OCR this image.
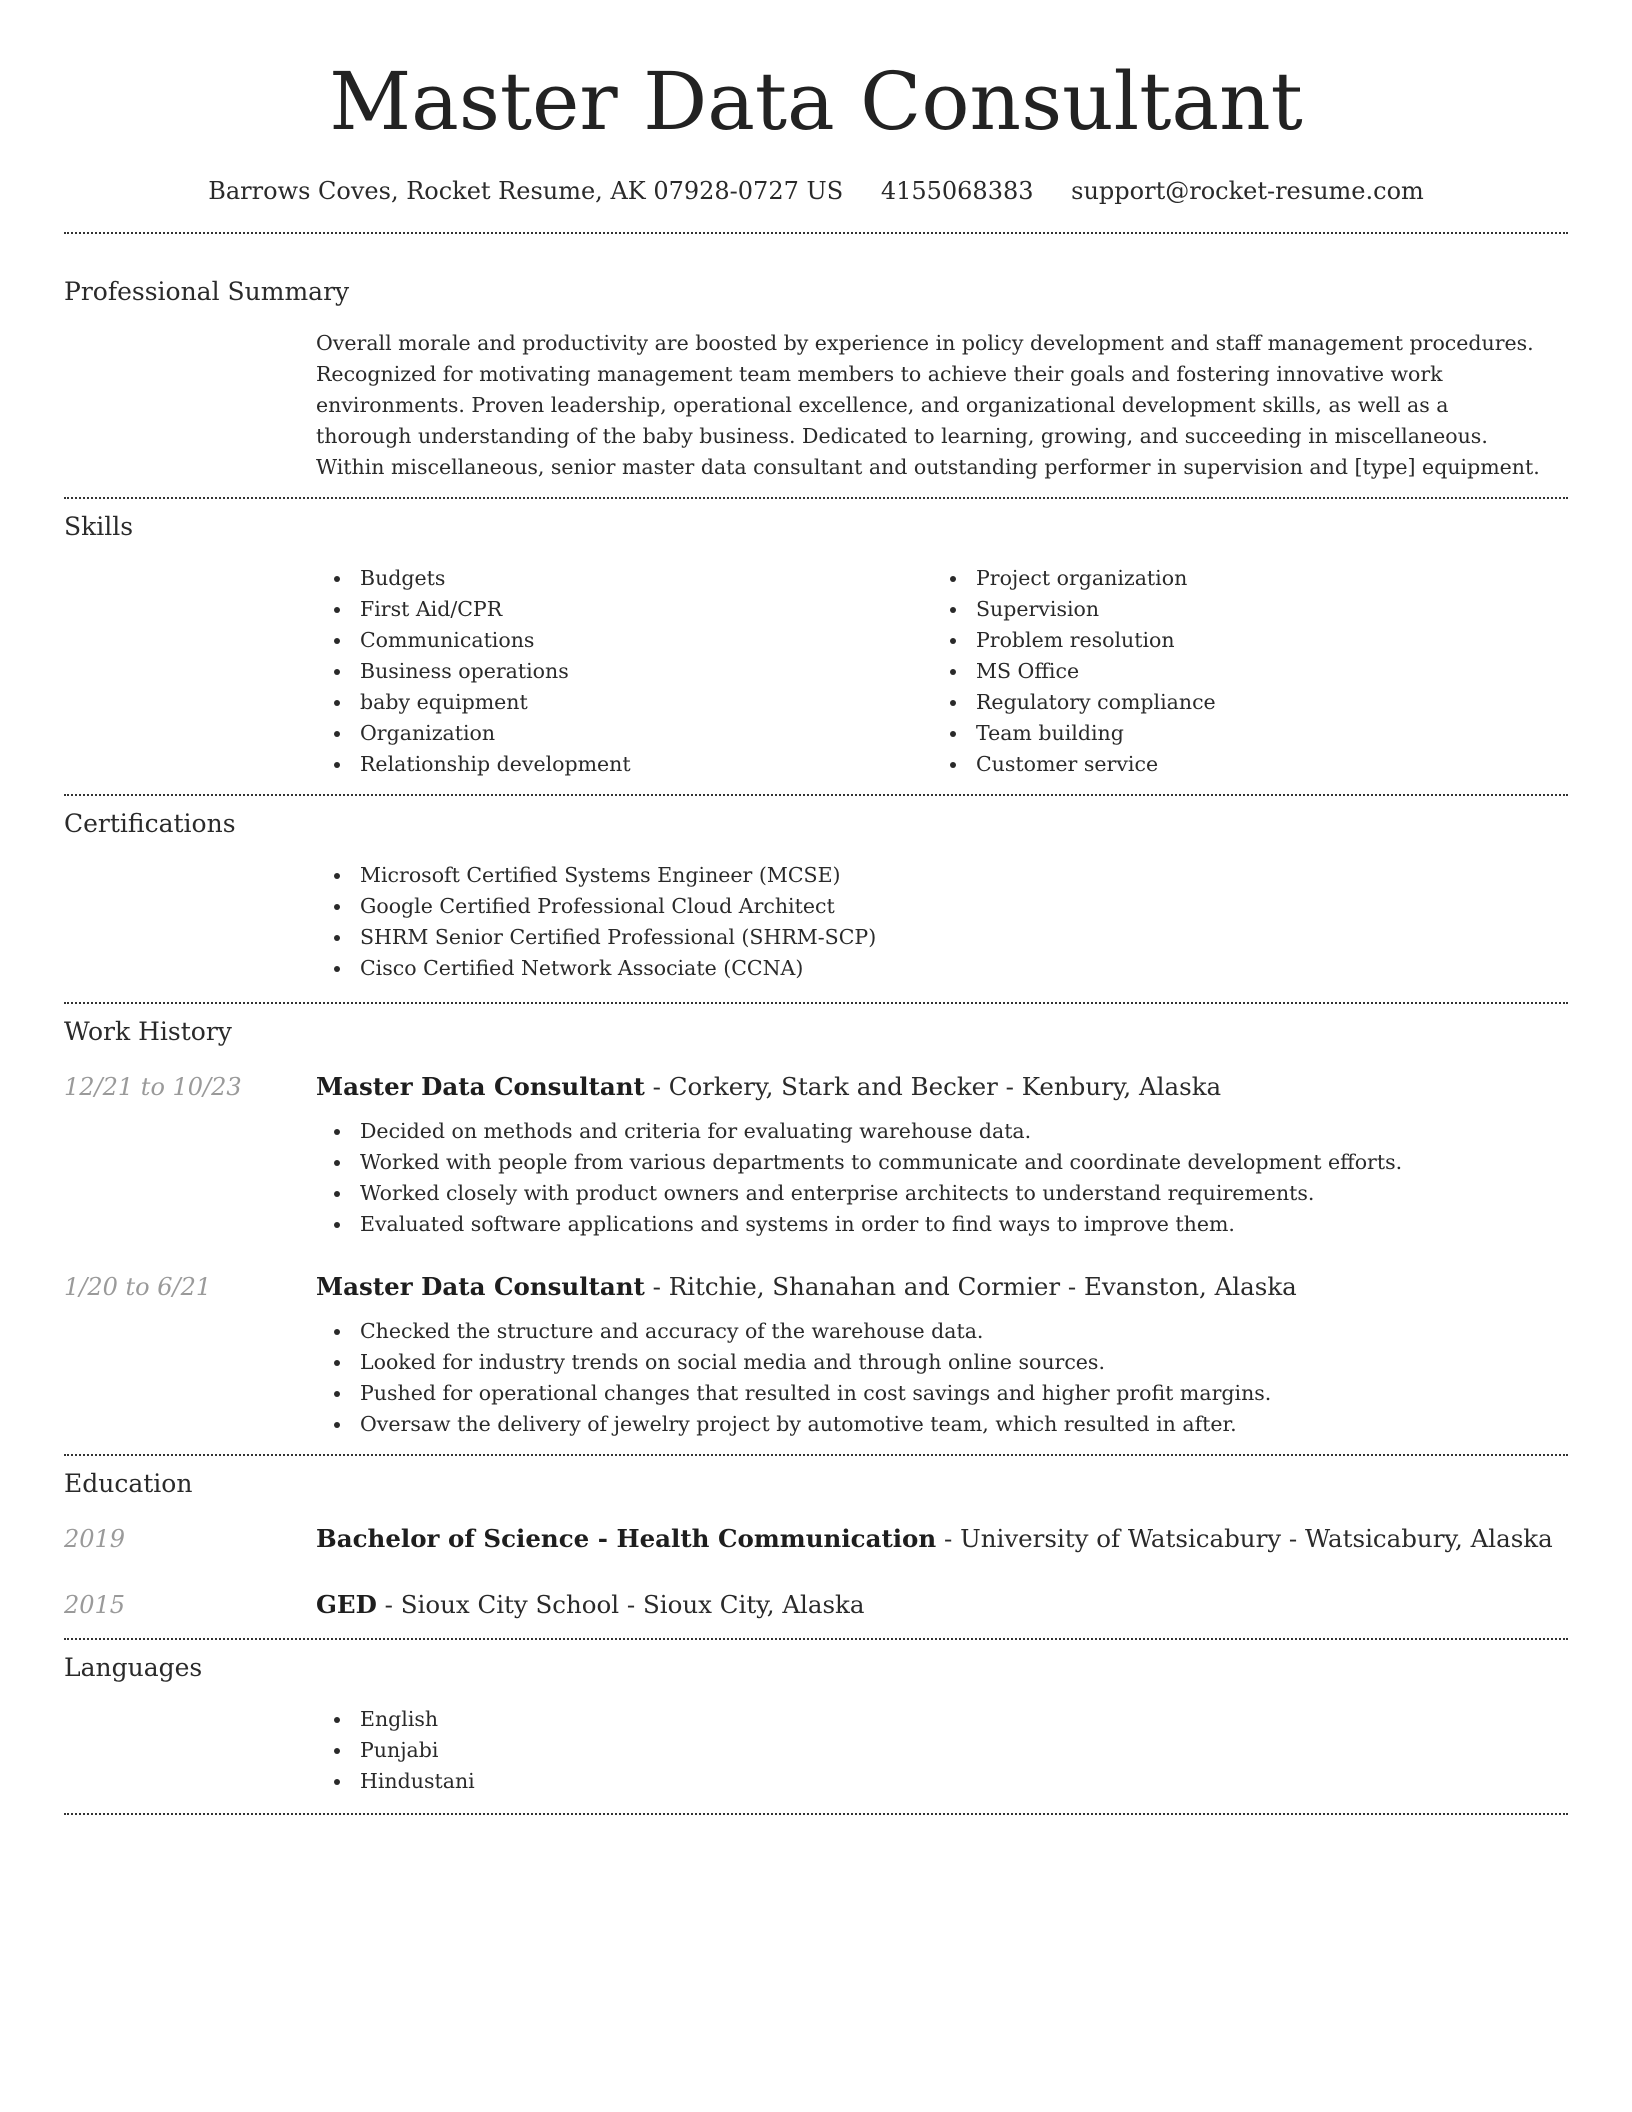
Master Data Consultant
Barrows Coves, Rocket Resume, AK 07928-0727 US 4155068383 support@rocket-resume.com
Professional Summary
Overall morale and productivity are boosted by experience in policy development and staff management procedures. Recognized for motivating management team members to achieve their goals and fostering innovative work environments. Proven leadership, operational excellence, and organizational development skills, as well as a thorough understanding of the baby business. Dedicated to learning, growing, and succeeding in miscellaneous. Within miscellaneous, senior master data consultant and outstanding performer in supervision and [type] equipment.
Skills
Budgets
First Aid/CPR
Communications
Business operations
baby equipment
Organization
Relationship development
Project organization
Supervision
Problem resolution
MS Office
Regulatory compliance
Team building
Customer service
Certifications
Microsoft Certified Systems Engineer (MCSE)
Google Certified Professional Cloud Architect
SHRM Senior Certified Professional (SHRM-SCP)
Cisco Certified Network Associate (CCNA)
Work History
12/21 to 10/23	Master Data Consultant - Corkery, Stark and Becker - Kenbury, Alaska
Decided on methods and criteria for evaluating warehouse data.
Worked with people from various departments to communicate and coordinate development efforts.
Worked closely with product owners and enterprise architects to understand requirements.
Evaluated software applications and systems in order to find ways to improve them.
1/20 to 6/21	Master Data Consultant - Ritchie, Shanahan and Cormier - Evanston, Alaska
Checked the structure and accuracy of the warehouse data.
Looked for industry trends on social media and through online sources.
Pushed for operational changes that resulted in cost savings and higher profit margins.
Oversaw the delivery of jewelry project by automotive team, which resulted in after.
Education
2019	Bachelor of Science - Health Communication - University of Watsicabury - Watsicabury, Alaska
2015	GED - Sioux City School - Sioux City, Alaska
Languages
English
Punjabi
Hindustani
